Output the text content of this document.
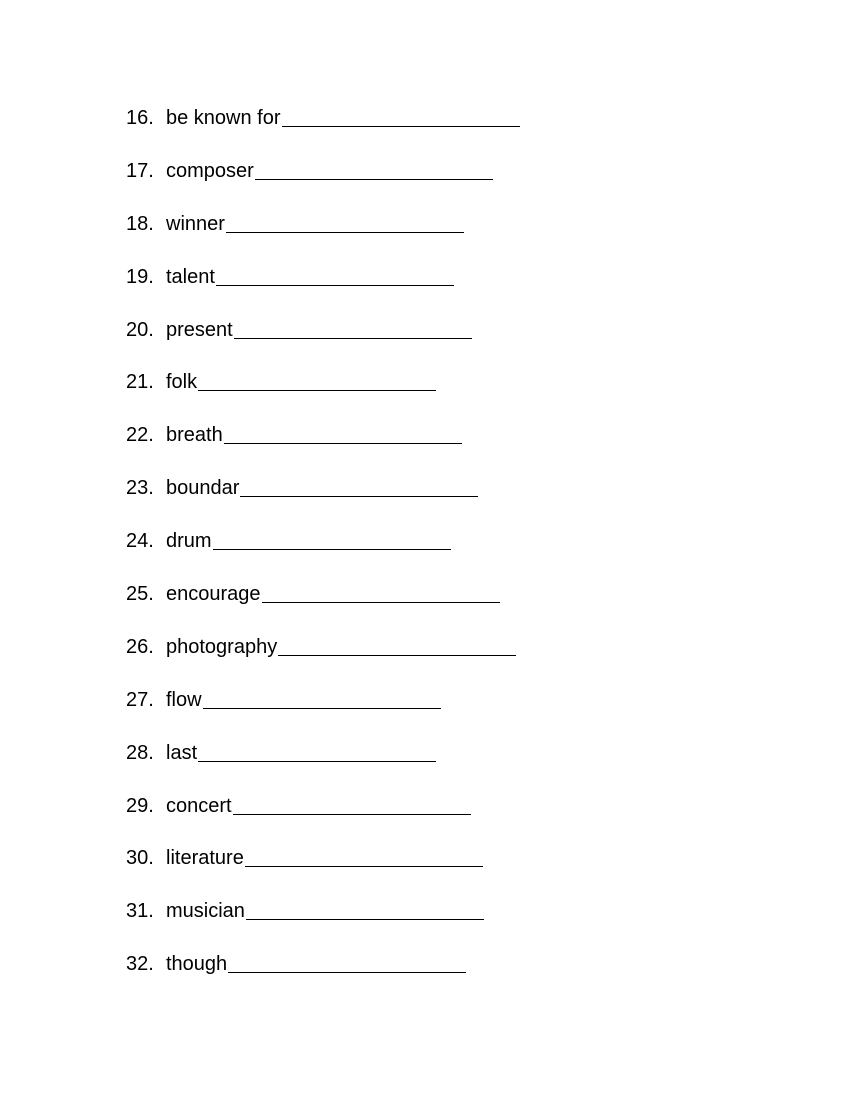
16. be known for
17. composer
18. winner
19. talent
20. present
21. folk
22. breath
23. boundar
24. drum
25. encourage
26. photography
27. flow
28. last
29. concert
30. literature
31. musician
32. though
